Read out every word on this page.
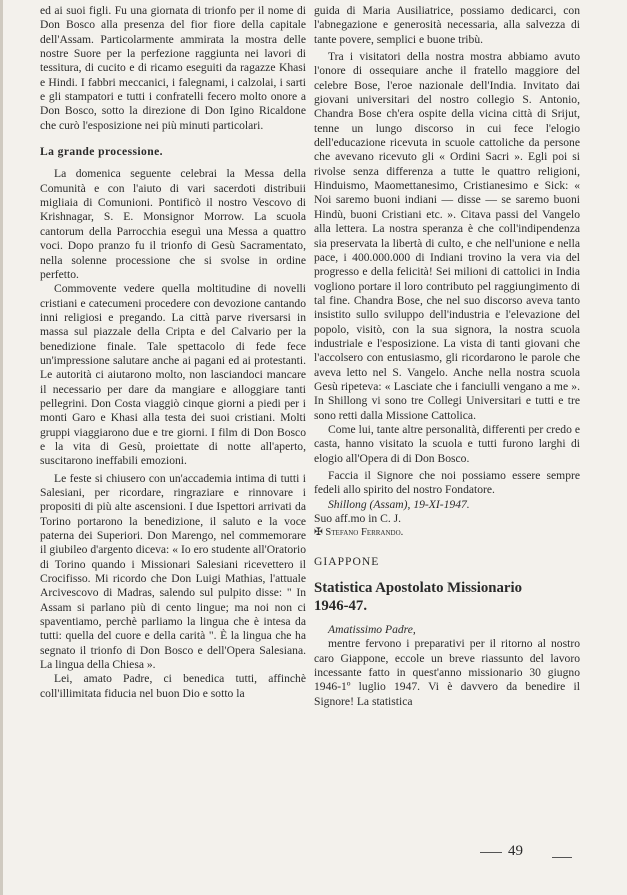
ed ai suoi figli. Fu una giornata di trionfo per il nome di Don Bosco alla presenza del fior fiore della capitale dell'Assam. Particolarmente ammirata la mostra delle nostre Suore per la perfezione raggiunta nei lavori di tessitura, di cucito e di ricamo eseguiti da ragazze Khasi e Hindi. I fabbri meccanici, i falegnami, i calzolai, i sarti e gli stampatori e tutti i confratelli fecero molto onore a Don Bosco, sotto la direzione di Don Igino Ricaldone che curò l'esposizione nei più minuti particolari.

La grande processione.

La domenica seguente celebrai la Messa della Comunità e con l'aiuto di vari sacerdoti distribuii migliaia di Comunioni. Pontificò il nostro Vescovo di Krishnagar, S. E. Monsignor Morrow. La scuola cantorum della Parrocchia eseguì una Messa a quattro voci. Dopo pranzo fu il trionfo di Gesù Sacramentato, nella solenne processione che si svolse in ordine perfetto.

Commovente vedere quella moltitudine di novelli cristiani e catecumeni procedere con devozione cantando inni religiosi e pregando. La città parve riversarsi in massa sul piazzale della Cripta e del Calvario per la benedizione finale. Tale spettacolo di fede fece un'impressione salutare anche ai pagani ed ai protestanti. Le autorità ci aiutarono molto, non lasciandoci mancare il necessario per dare da mangiare e alloggiare tanti pellegrini. Don Costa viaggiò cinque giorni a piedi per i monti Garo e Khasi alla testa dei suoi cristiani. Molti gruppi viaggiarono due e tre giorni. I film di Don Bosco e la vita di Gesù, proiettate di notte all'aperto, suscitarono ineffabili emozioni.

Le feste si chiusero con un'accademia intima di tutti i Salesiani, per ricordare, ringraziare e rinnovare i propositi di più alte ascensioni. I due Ispettori arrivati da Torino portarono la benedizione, il saluto e la voce paterna dei Superiori. Don Marengo, nel commemorare il giubileo d'argento diceva: « Io ero studente all'Oratorio di Torino quando i Missionari Salesiani ricevettero il Crocifisso. Mi ricordo che Don Luigi Mathias, l'attuale Arcivescovo di Madras, salendo sul pulpito disse: " In Assam si parlano più di cento lingue; ma noi non ci spaventiamo, perchè parliamo la lingua che è intesa da tutti: quella del cuore e della carità ". È la lingua che ha segnato il trionfo di Don Bosco e dell'Opera Salesiana. La lingua della Chiesa ».

Lei, amato Padre, ci benedica tutti, affinchè coll'illimitata fiducia nel buon Dio e sotto la

guida di Maria Ausiliatrice, possiamo dedicarci, con l'abnegazione e generosità necessaria, alla salvezza di tante povere, semplici e buone tribù.

Tra i visitatori della nostra mostra abbiamo avuto l'onore di ossequiare anche il fratello maggiore del celebre Bose, l'eroe nazionale dell'India. Invitato dai giovani universitari del nostro collegio S. Antonio, Chandra Bose ch'era ospite della vicina città di Srijut, tenne un lungo discorso in cui fece l'elogio dell'educazione ricevuta in scuole cattoliche da persone che avevano ricevuto gli « Ordini Sacri ». Egli poi si rivolse senza differenza a tutte le quattro religioni, Hinduismo, Maomettanesimo, Cristianesimo e Sick: « Noi saremo buoni indiani — disse — se saremo buoni Hindù, buoni Cristiani etc. ». Citava passi del Vangelo alla lettera. La nostra speranza è che coll'indipendenza sia preservata la libertà di culto, e che nell'unione e nella pace, i 400.000.000 di Indiani trovino la vera via del progresso e della felicità! Sei milioni di cattolici in India vogliono portare il loro contributo pel raggiungimento di tal fine. Chandra Bose, che nel suo discorso aveva tanto insistito sullo sviluppo dell'industria e l'elevazione del popolo, visitò, con la sua signora, la nostra scuola industriale e l'esposizione. La vista di tanti giovani che l'accolsero con entusiasmo, gli ricordarono le parole che aveva letto nel S. Vangelo. Anche nella nostra scuola Gesù ripeteva: « Lasciate che i fanciulli vengano a me ». In Shillong vi sono tre Collegi Universitari e tutti e tre sono retti dalla Missione Cattolica.

Come lui, tante altre personalità, differenti per credo e casta, hanno visitato la scuola e tutti furono larghi di elogio all'Opera di di Don Bosco.

Faccia il Signore che noi possiamo essere sempre fedeli allo spirito del nostro Fondatore.

Shillong (Assam), 19-XI-1947.

Suo aff.mo in C. J.

✠ Stefano Ferrando.

GIAPPONE

Statistica Apostolato Missionario

1946-47.

Amatissimo Padre,

mentre fervono i preparativi per il ritorno al nostro caro Giappone, eccole un breve riassunto del lavoro incessante fatto in quest'anno missionario 30 giugno 1946-1º luglio 1947. Vi è davvero da benedire il Signore! La statistica

49
